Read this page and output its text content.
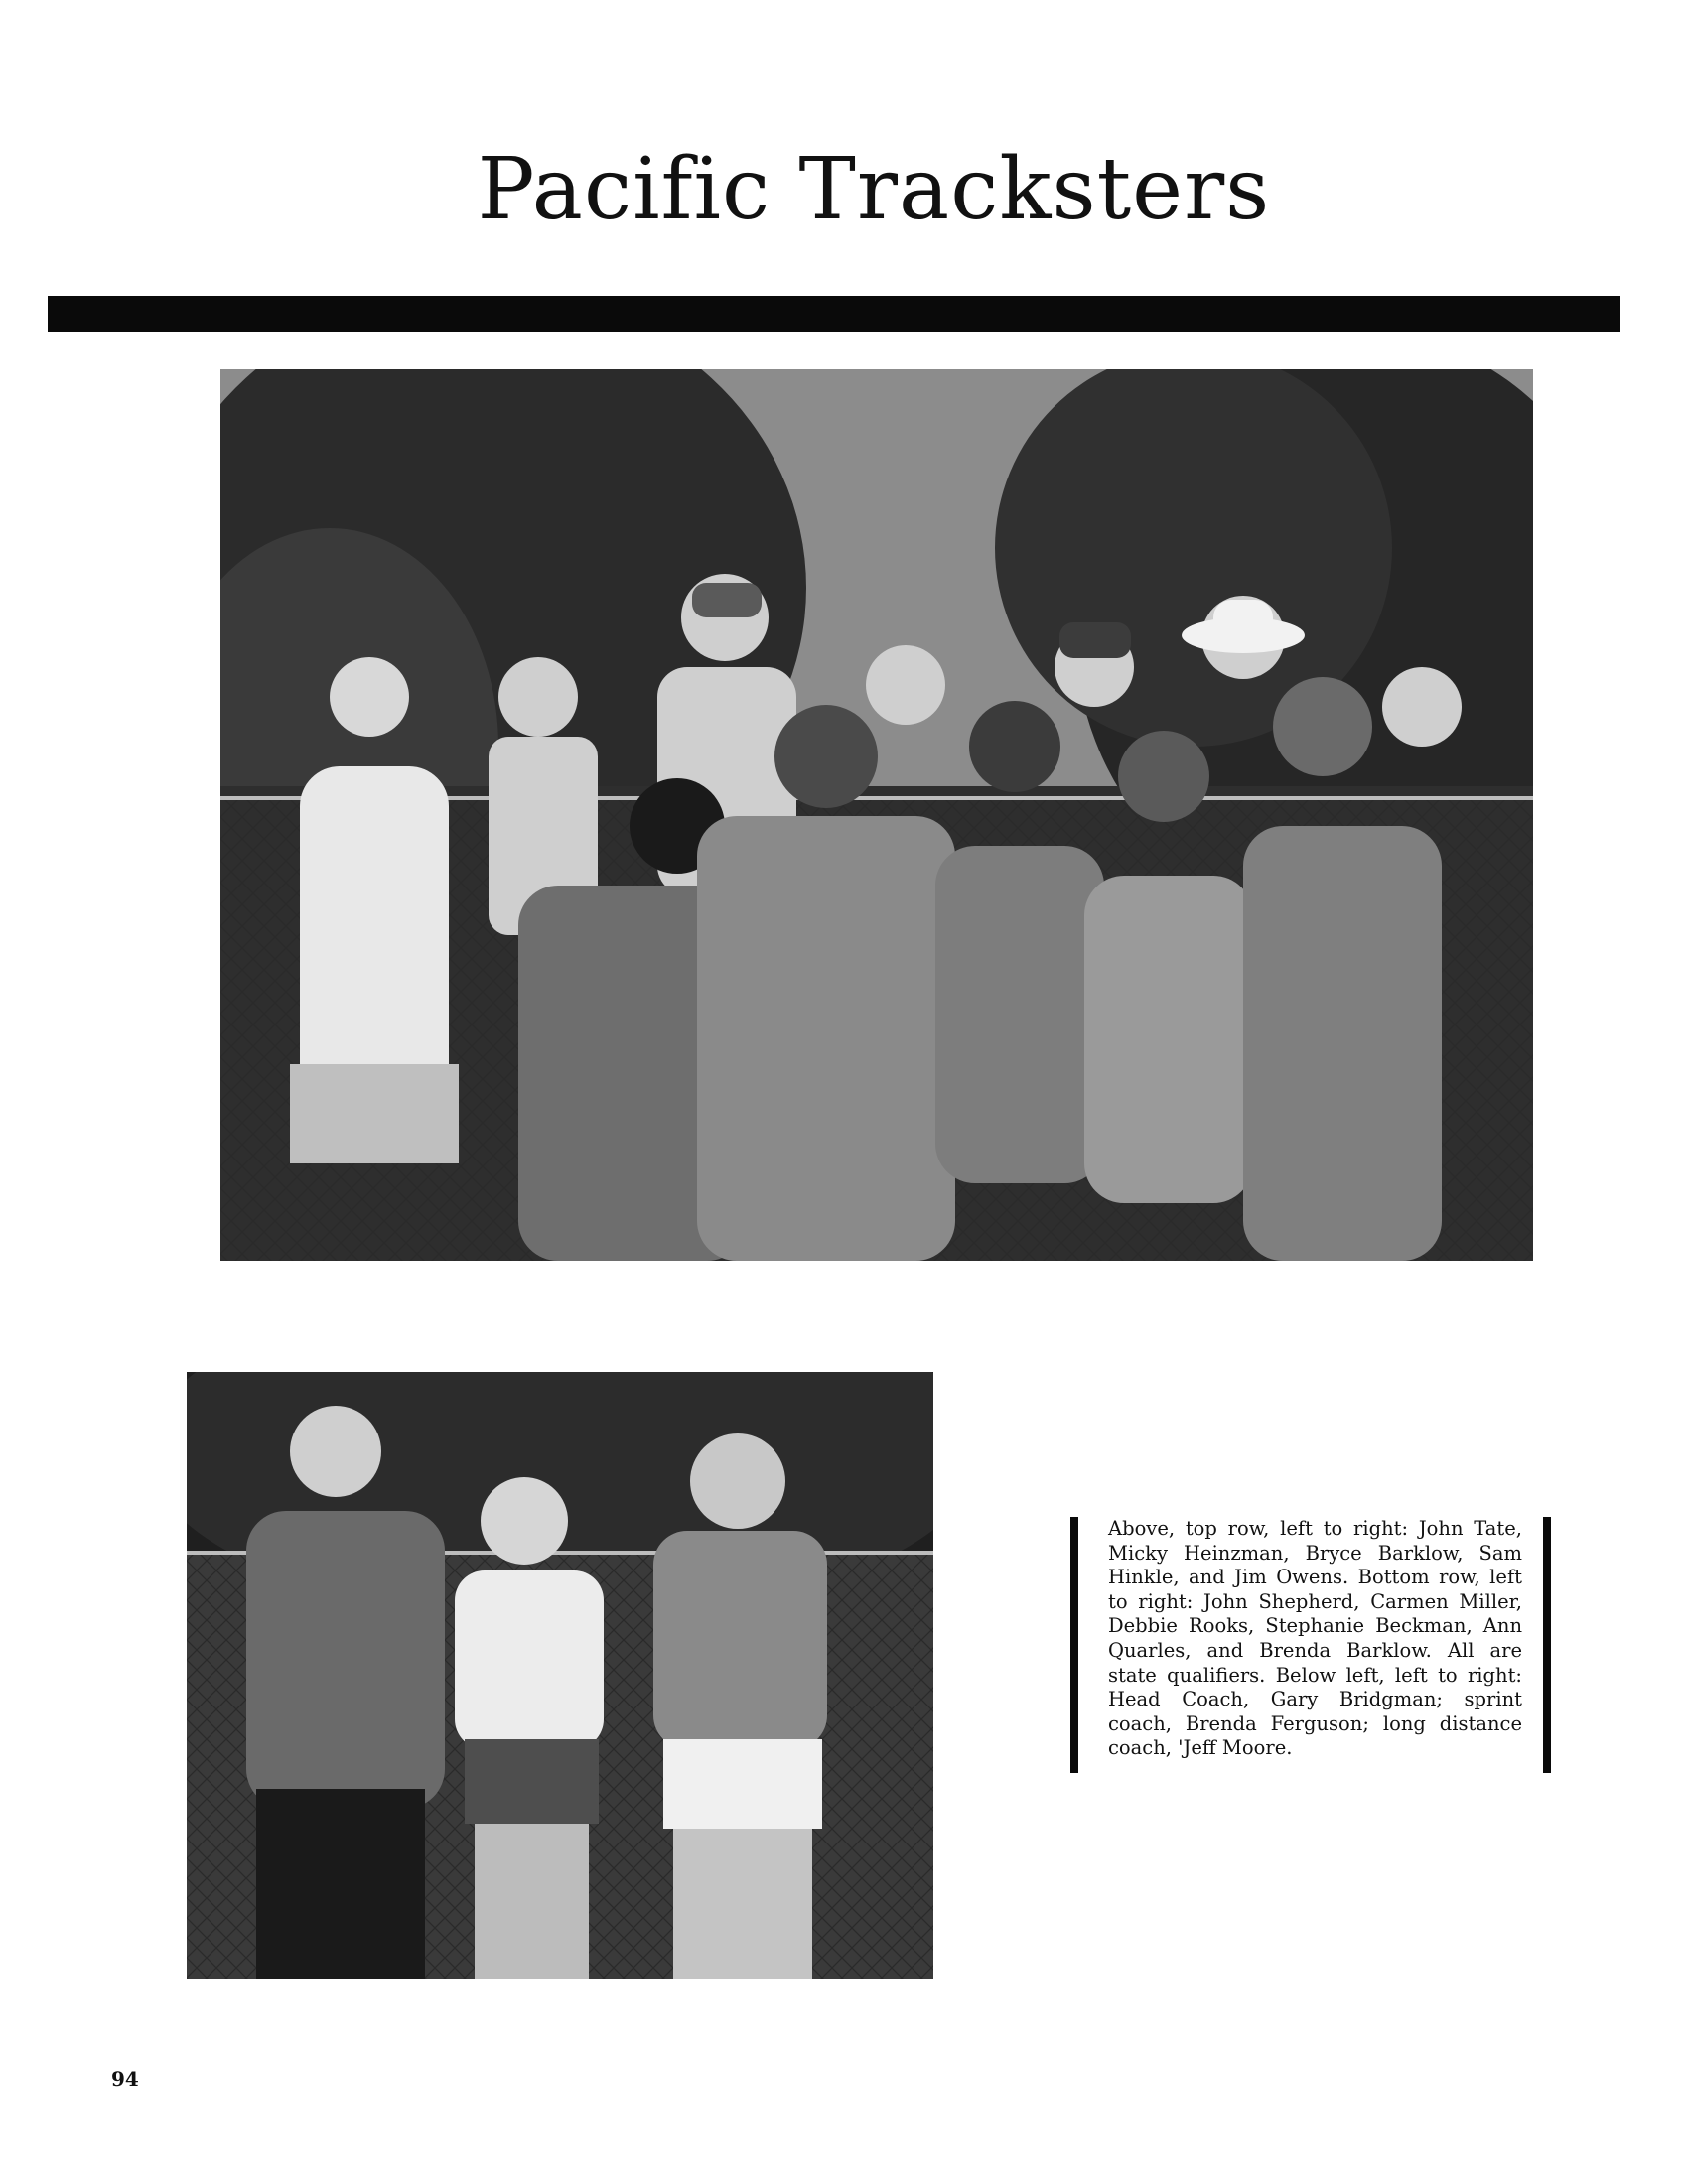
Pacific Tracksters

Above, top row, left to right: John Tate, Micky Heinzman, Bryce Barklow, Sam Hinkle, and Jim Owens. Bottom row, left to right: John Shepherd, Carmen Miller, Debbie Rooks, Stephanie Beckman, Ann Quarles, and Brenda Barklow. All are state qualifiers. Below left, left to right: Head Coach, Gary Bridgman; sprint coach, Brenda Ferguson; long distance coach, 'Jeff Moore.

94
